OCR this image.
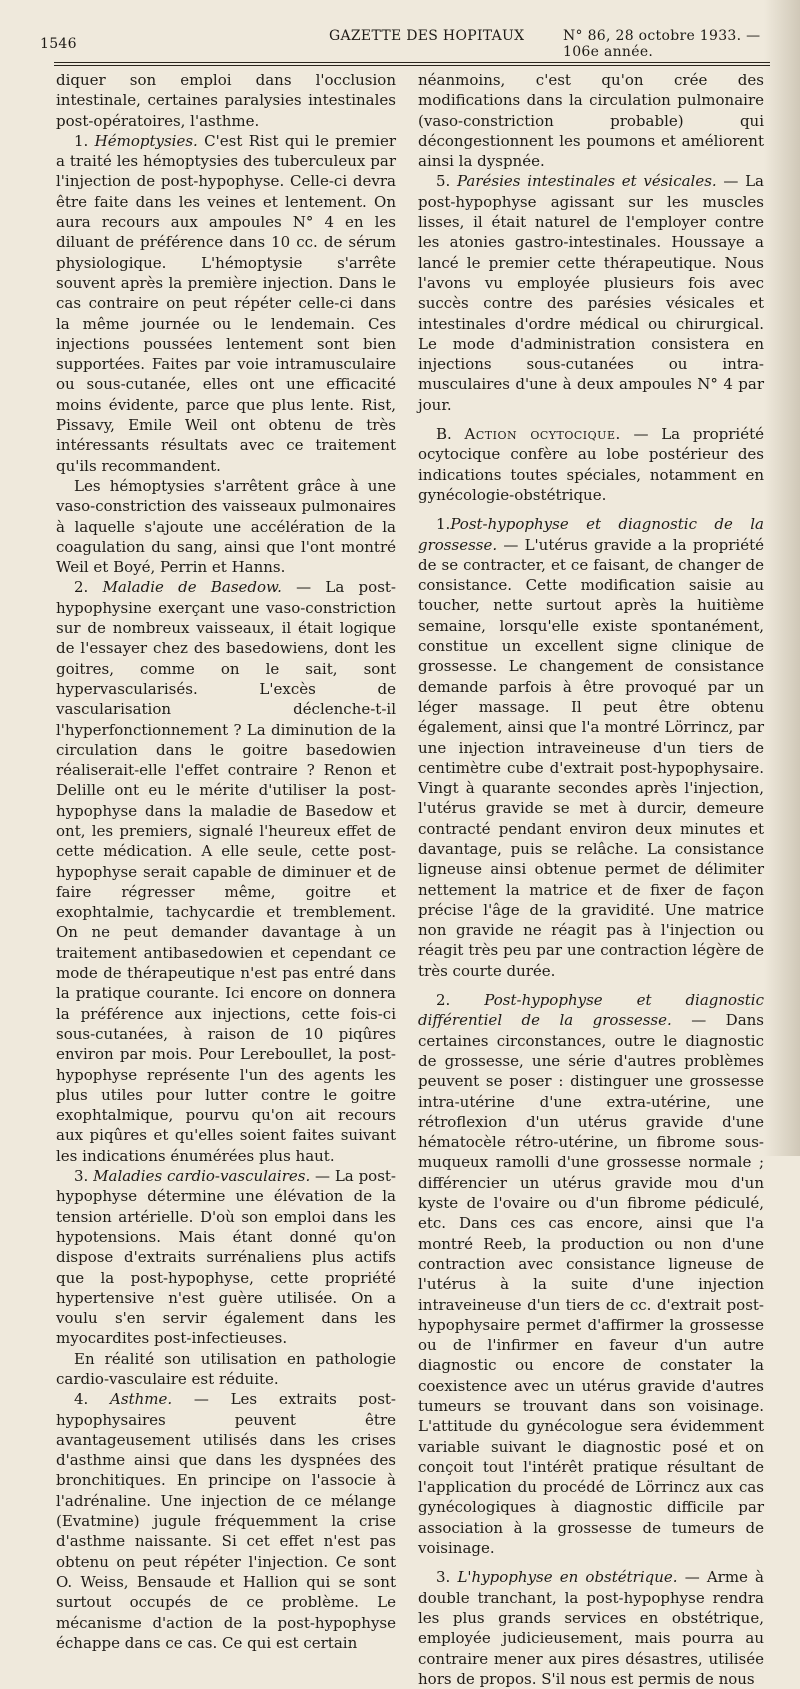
1546	GAZETTE DES HOPITAUX	N° 86, 28 octobre 1933. — 106e année.

diquer son emploi dans l'occlusion intestinale, certaines paralysies intestinales post-opératoires, l'asthme.

1. Hémoptysies. C'est Rist qui le premier a traité les hémoptysies des tuberculeux par l'injection de post-hypophyse. Celle-ci devra être faite dans les veines et lentement. On aura recours aux ampoules N° 4 en les diluant de préférence dans 10 cc. de sérum physiologique. L'hémoptysie s'arrête souvent après la première injection. Dans le cas contraire on peut répéter celle-ci dans la même journée ou le lendemain. Ces injections poussées lentement sont bien supportées. Faites par voie intramusculaire ou sous-cutanée, elles ont une efficacité moins évidente, parce que plus lente. Rist, Pissavy, Emile Weil ont obtenu de très intéressants résultats avec ce traitement qu'ils recommandent.

Les hémoptysies s'arrêtent grâce à une vaso-constriction des vaisseaux pulmonaires à laquelle s'ajoute une accélération de la coagulation du sang, ainsi que l'ont montré Weil et Boyé, Perrin et Hanns.

2. Maladie de Basedow. — La post-hypophysine exerçant une vaso-constriction sur de nombreux vaisseaux, il était logique de l'essayer chez des basedowiens, dont les goitres, comme on le sait, sont hypervascularisés. L'excès de vascularisation déclenche-t-il l'hyperfonctionnement ? La diminution de la circulation dans le goitre basedowien réaliserait-elle l'effet contraire ? Renon et Delille ont eu le mérite d'utiliser la post-hypophyse dans la maladie de Basedow et ont, les premiers, signalé l'heureux effet de cette médication. A elle seule, cette post-hypophyse serait capable de diminuer et de faire régresser même, goitre et exophtalmie, tachycardie et tremblement. On ne peut demander davantage à un traitement antibasedowien et cependant ce mode de thérapeutique n'est pas entré dans la pratique courante. Ici encore on donnera la préférence aux injections, cette fois-ci sous-cutanées, à raison de 10 piqûres environ par mois. Pour Lereboullet, la post-hypophyse représente l'un des agents les plus utiles pour lutter contre le goitre exophtalmique, pourvu qu'on ait recours aux piqûres et qu'elles soient faites suivant les indications énumérées plus haut.

3. Maladies cardio-vasculaires. — La post-hypophyse détermine une élévation de la tension artérielle. D'où son emploi dans les hypotensions. Mais étant donné qu'on dispose d'extraits surrénaliens plus actifs que la post-hypophyse, cette propriété hypertensive n'est guère utilisée. On a voulu s'en servir également dans les myocardites post-infectieuses.

En réalité son utilisation en pathologie cardio-vasculaire est réduite.

4. Asthme. — Les extraits post-hypophysaires peuvent être avantageusement utilisés dans les crises d'asthme ainsi que dans les dyspnées des bronchitiques. En principe on l'associe à l'adrénaline. Une injection de ce mélange (Evatmine) jugule fréquemment la crise d'asthme naissante. Si cet effet n'est pas obtenu on peut répéter l'injection. Ce sont O. Weiss, Bensaude et Hallion qui se sont surtout occupés de ce problème. Le mécanisme d'action de la post-hypophyse échappe dans ce cas. Ce qui est certain

néanmoins, c'est qu'on crée des modifications dans la circulation pulmonaire (vaso-constriction probable) qui décongestionnent les poumons et améliorent ainsi la dyspnée.

5. Parésies intestinales et vésicales. — La post-hypophyse agissant sur les muscles lisses, il était naturel de l'employer contre les atonies gastro-intestinales. Houssaye a lancé le premier cette thérapeutique. Nous l'avons vu employée plusieurs fois avec succès contre des parésies vésicales et intestinales d'ordre médical ou chirurgical. Le mode d'administration consistera en injections sous-cutanées ou intra-musculaires d'une à deux ampoules N° 4 par jour.

B. Action ocytocique. — La propriété ocytocique confère au lobe postérieur des indications toutes spéciales, notamment en gynécologie-obstétrique.

1.Post-hypophyse et diagnostic de la grossesse. — L'utérus gravide a la propriété de se contracter, et ce faisant, de changer de consistance. Cette modification saisie au toucher, nette surtout après la huitième semaine, lorsqu'elle existe spontanément, constitue un excellent signe clinique de grossesse. Le changement de consistance demande parfois à être provoqué par un léger massage. Il peut être obtenu également, ainsi que l'a montré Lörrincz, par une injection intraveineuse d'un tiers de centimètre cube d'extrait post-hypophysaire. Vingt à quarante secondes après l'injection, l'utérus gravide se met à durcir, demeure contracté pendant environ deux minutes et davantage, puis se relâche. La consistance ligneuse ainsi obtenue permet de délimiter nettement la matrice et de fixer de façon précise l'âge de la gravidité. Une matrice non gravide ne réagit pas à l'injection ou réagit très peu par une contraction légère de très courte durée.

2. Post-hypophyse et diagnostic différentiel de la grossesse. — Dans certaines circonstances, outre le diagnostic de grossesse, une série d'autres problèmes peuvent se poser : distinguer une grossesse intra-utérine d'une extra-utérine, une rétroflexion d'un utérus gravide d'une hématocèle rétro-utérine, un fibrome sous-muqueux ramolli d'une grossesse normale ; différencier un utérus gravide mou d'un kyste de l'ovaire ou d'un fibrome pédiculé, etc. Dans ces cas encore, ainsi que l'a montré Reeb, la production ou non d'une contraction avec consistance ligneuse de l'utérus à la suite d'une injection intraveineuse d'un tiers de cc. d'extrait post-hypophysaire permet d'affirmer la grossesse ou de l'infirmer en faveur d'un autre diagnostic ou encore de constater la coexistence avec un utérus gravide d'autres tumeurs se trouvant dans son voisinage. L'attitude du gynécologue sera évidemment variable suivant le diagnostic posé et on conçoit tout l'intérêt pratique résultant de l'application du procédé de Lörrincz aux cas gynécologiques à diagnostic difficile par association à la grossesse de tumeurs de voisinage.

3. L'hypophyse en obstétrique. — Arme à double tranchant, la post-hypophyse rendra les plus grands services en obstétrique, employée judicieusement, mais pourra au contraire mener aux pires désastres, utilisée hors de propos. S'il nous est permis de nous
